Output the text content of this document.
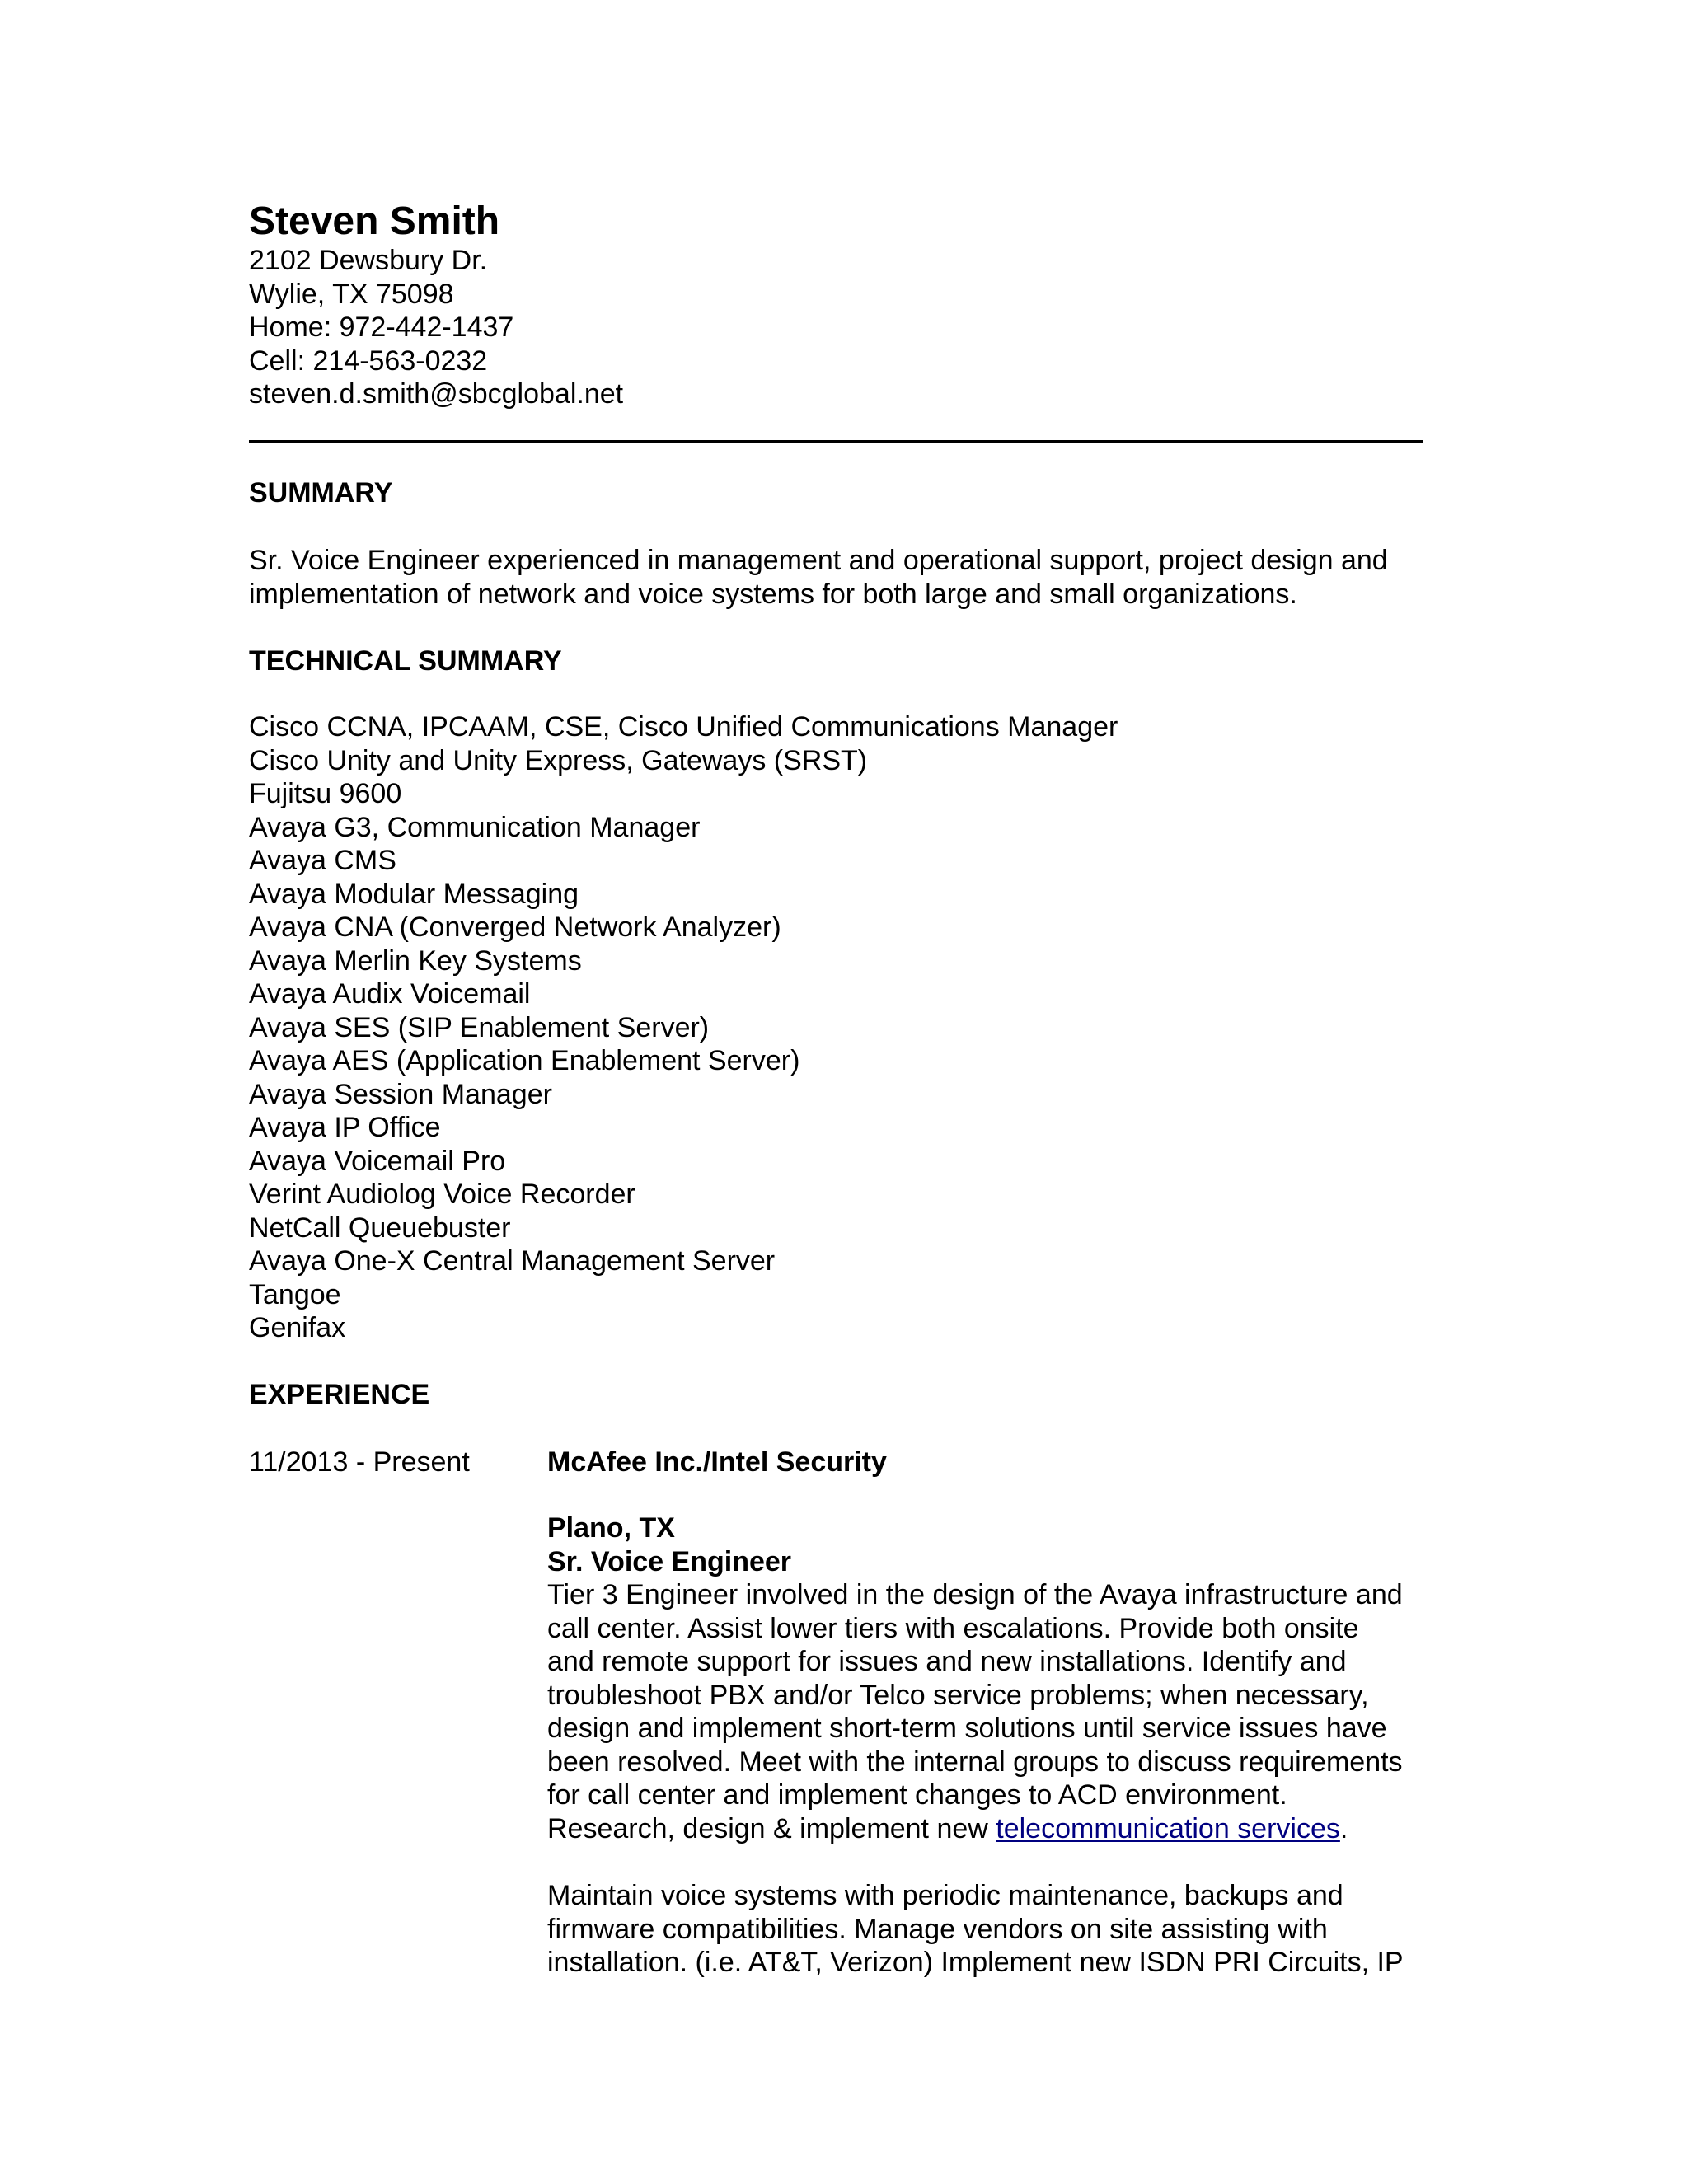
Steven Smith
2102 Dewsbury Dr.
Wylie, TX 75098
Home: 972-442-1437
Cell: 214-563-0232
steven.d.smith@sbcglobal.net
SUMMARY
Sr. Voice Engineer experienced in management and operational support, project design and
implementation of network and voice systems for both large and small organizations.
TECHNICAL SUMMARY
Cisco CCNA, IPCAAM, CSE, Cisco Unified Communications Manager
Cisco Unity and Unity Express, Gateways (SRST)
Fujitsu 9600
Avaya G3, Communication Manager
Avaya CMS
Avaya Modular Messaging
Avaya CNA (Converged Network Analyzer)
Avaya Merlin Key Systems
Avaya Audix Voicemail
Avaya SES (SIP Enablement Server)
Avaya AES (Application Enablement Server)
Avaya Session Manager
Avaya IP Office
Avaya Voicemail Pro
Verint Audiolog Voice Recorder
NetCall Queuebuster
Avaya One-X Central Management Server
Tangoe
Genifax
EXPERIENCE
11/2013 - Present	McAfee Inc./Intel Security
Plano, TX
Sr. Voice Engineer
Tier 3 Engineer involved in the design of the Avaya infrastructure and
call center. Assist lower tiers with escalations. Provide both onsite
and remote support for issues and new installations. Identify and
troubleshoot PBX and/or Telco service problems; when necessary,
design and implement short-term solutions until service issues have
been resolved. Meet with the internal groups to discuss requirements
for call center and implement changes to ACD environment.
Research, design & implement new telecommunication services.
Maintain voice systems with periodic maintenance, backups and
firmware compatibilities. Manage vendors on site assisting with
installation. (i.e. AT&T, Verizon) Implement new ISDN PRI Circuits, IP
